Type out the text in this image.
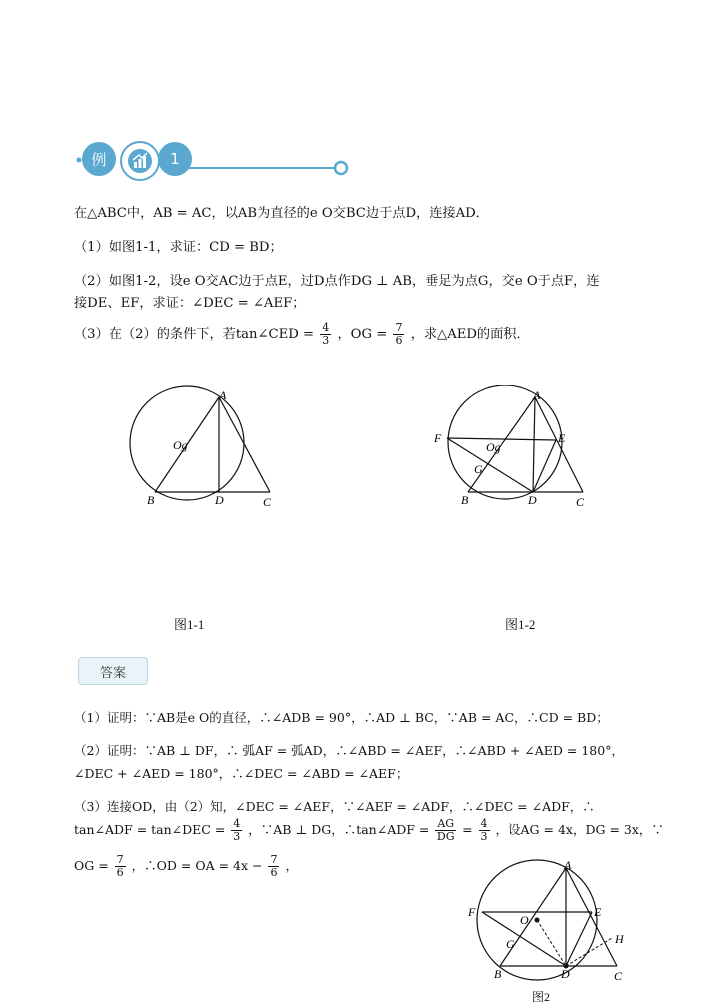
例	1
在△ABC中，AB = AC，以AB为直径的e O交BC边于点D，连接AD．
（1）如图1-1，求证：CD = BD；
（2）如图1-2，设e O交AC边于点E，过D点作DG ⊥ AB，垂足为点G，交e O于点F，连
接DE、EF，求证：∠DEC = ∠AEF；
（3）在（2）的条件下，若tan∠CED = $\frac{4}{3}$ ，OG = $\frac{7}{6}$ ，求△AED的面积．
A
Og
B	D	C
A
F
Og
E
G
B	D	C
图1-1	图1-2
答案
（1）证明：∵AB是e O的直径，∴∠ADB = 90°，∴AD ⊥ BC，∵AB = AC，∴CD = BD；
（2）证明：∵AB ⊥ DF，∴ 弧AF = 弧AD，∴∠ABD = ∠AEF，∴∠ABD + ∠AED = 180°，
∠DEC + ∠AED = 180°，∴∠DEC = ∠ABD = ∠AEF；
（3）连接OD，由（2）知，∠DEC = ∠AEF，∵∠AEF = ∠ADF，∴∠DEC = ∠ADF，∴
tan∠ADF = tan∠DEC = $\frac{4}{3}$ ，∵AB ⊥ DG，∴tan∠ADF = $\frac{AG}{DG} = \frac{4}{3}$ ，设AG = 4x，DG = 3x，∵
OG = $\frac{7}{6}$ ，∴OD = OA = $4x - \frac{7}{6}$ ，	A
F
O
E
G	H
B	D	C
图2
